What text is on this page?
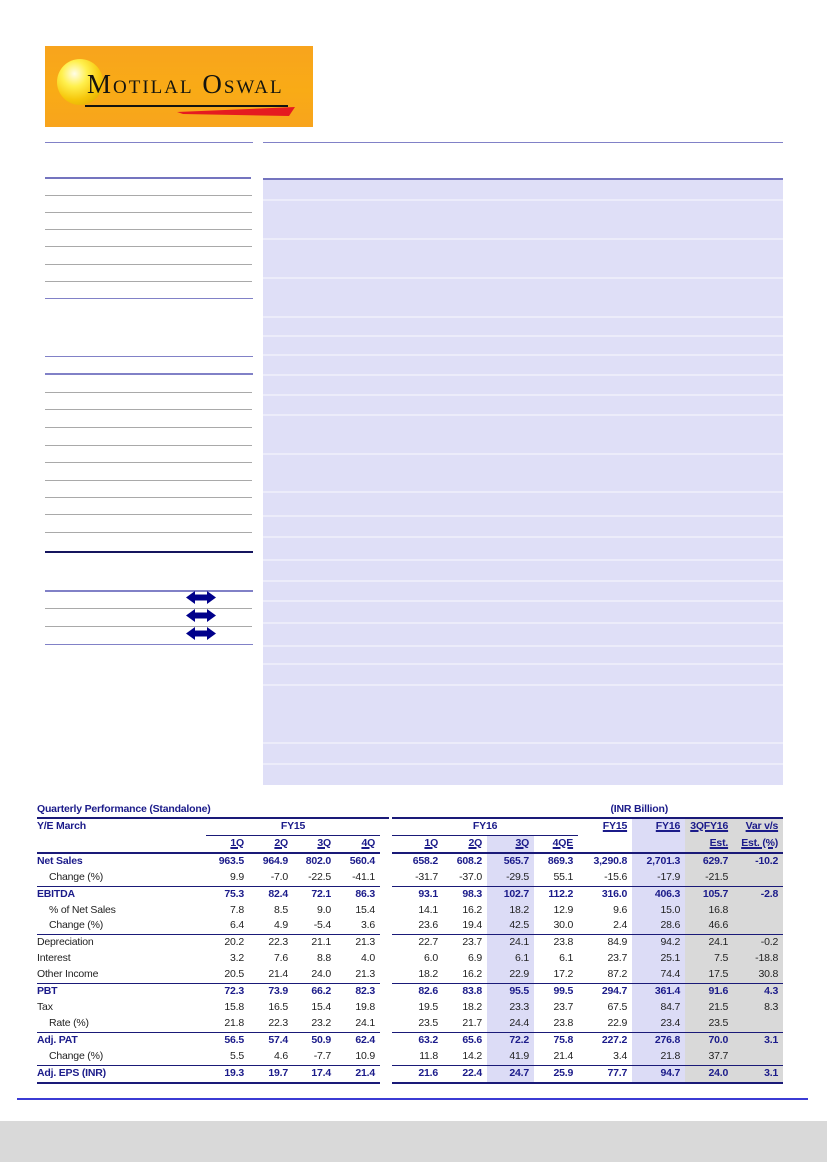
Motilal Oswal
Quarterly Performance (Standalone)	(INR Billion)
Y/E March	FY15					FY16				FY15	FY16	3QFY16	Var v/s
	1Q	2Q	3Q	4Q		1Q	2Q	3Q	4QE			Est.	Est. (%)
Net Sales	963.5	964.9	802.0	560.4		658.2	608.2	565.7	869.3	3,290.8	2,701.3	629.7	-10.2
Change (%)	9.9	-7.0	-22.5	-41.1		-31.7	-37.0	-29.5	55.1	-15.6	-17.9	-21.5	
EBITDA	75.3	82.4	72.1	86.3		93.1	98.3	102.7	112.2	316.0	406.3	105.7	-2.8
% of Net Sales	7.8	8.5	9.0	15.4		14.1	16.2	18.2	12.9	9.6	15.0	16.8	
Change (%)	6.4	4.9	-5.4	3.6		23.6	19.4	42.5	30.0	2.4	28.6	46.6	
Depreciation	20.2	22.3	21.1	21.3		22.7	23.7	24.1	23.8	84.9	94.2	24.1	-0.2
Interest	3.2	7.6	8.8	4.0		6.0	6.9	6.1	6.1	23.7	25.1	7.5	-18.8
Other Income	20.5	21.4	24.0	21.3		18.2	16.2	22.9	17.2	87.2	74.4	17.5	30.8
PBT	72.3	73.9	66.2	82.3		82.6	83.8	95.5	99.5	294.7	361.4	91.6	4.3
Tax	15.8	16.5	15.4	19.8		19.5	18.2	23.3	23.7	67.5	84.7	21.5	8.3
Rate (%)	21.8	22.3	23.2	24.1		23.5	21.7	24.4	23.8	22.9	23.4	23.5	
Adj. PAT	56.5	57.4	50.9	62.4		63.2	65.6	72.2	75.8	227.2	276.8	70.0	3.1
Change (%)	5.5	4.6	-7.7	10.9		11.8	14.2	41.9	21.4	3.4	21.8	37.7	
Adj. EPS (INR)	19.3	19.7	17.4	21.4		21.6	22.4	24.7	25.9	77.7	94.7	24.0	3.1
